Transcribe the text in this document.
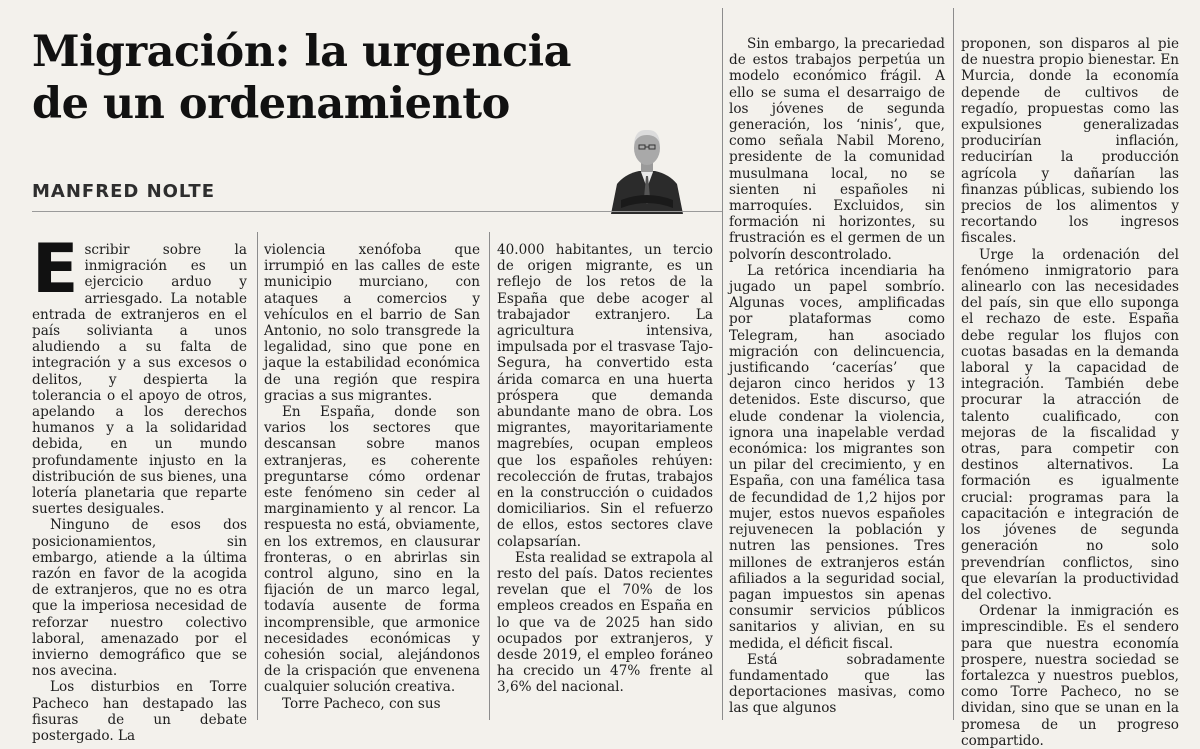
Migración: la urgencia
de un ordenamiento
MANFRED NOLTE
E scribir sobre la inmigración es un ejercicio arduo y arriesgado. La notable entrada de extranjeros en el país solivianta a unos aludiendo a su falta de integración y a sus excesos o delitos, y despierta la tolerancia o el apoyo de otros, apelando a los derechos humanos y a la solidaridad debida, en un mundo profundamente injusto en la distribución de sus bienes, una lotería planetaria que reparte suertes desiguales.

Ninguno de esos dos posicionamientos, sin embargo, atiende a la última razón en favor de la acogida de extranjeros, que no es otra que la imperiosa necesidad de reforzar nuestro colectivo laboral, amenazado por el invierno demográfico que se nos avecina.

Los disturbios en Torre Pacheco han destapado las fisuras de un debate postergado. La

violencia xenófoba que irrumpió en las calles de este municipio murciano, con ataques a comercios y vehículos en el barrio de San Antonio, no solo transgrede la legalidad, sino que pone en jaque la estabilidad económica de una región que respira gracias a sus migrantes.

En España, donde son varios los sectores que descansan sobre manos extranjeras, es coherente preguntarse cómo ordenar este fenómeno sin ceder al marginamiento y al rencor. La respuesta no está, obviamente, en los extremos, en clausurar fronteras, o en abrirlas sin control alguno, sino en la fijación de un marco legal, todavía ausente de forma incomprensible, que armonice necesidades económicas y cohesión social, alejándonos de la crispación que envenena cualquier solución creativa.

Torre Pacheco, con sus

40.000 habitantes, un tercio de origen migrante, es un reflejo de los retos de la España que debe acoger al trabajador extranjero. La agricultura intensiva, impulsada por el trasvase Tajo-Segura, ha convertido esta árida comarca en una huerta próspera que demanda abundante mano de obra. Los migrantes, mayoritariamente magrebíes, ocupan empleos que los españoles rehúyen: recolección de frutas, trabajos en la construcción o cuidados domiciliarios. Sin el refuerzo de ellos, estos sectores clave colapsarían.

Esta realidad se extrapola al resto del país. Datos recientes revelan que el 70% de los empleos creados en España en lo que va de 2025 han sido ocupados por extranjeros, y desde 2019, el empleo foráneo ha crecido un 47% frente al 3,6% del nacional.

Sin embargo, la precariedad de estos trabajos perpetúa un modelo económico frágil. A ello se suma el desarraigo de los jóvenes de segunda generación, los ‘ninis’, que, como señala Nabil Moreno, presidente de la comunidad musulmana local, no se sienten ni españoles ni marroquíes. Excluidos, sin formación ni horizontes, su frustración es el germen de un polvorín descontrolado.

La retórica incendiaria ha jugado un papel sombrío. Algunas voces, amplificadas por plataformas como Telegram, han asociado migración con delincuencia, justificando ‘cacerías’ que dejaron cinco heridos y 13 detenidos. Este discurso, que elude condenar la violencia, ignora una inapelable verdad económica: los migrantes son un pilar del crecimiento, y en España, con una famélica tasa de fecundidad de 1,2 hijos por mujer, estos nuevos españoles rejuvenecen la población y nutren las pensiones. Tres millones de extranjeros están afiliados a la seguridad social, pagan impuestos sin apenas consumir servicios públicos sanitarios y alivian, en su medida, el déficit fiscal.

Está sobradamente fundamentado que las deportaciones masivas, como las que algunos

proponen, son disparos al pie de nuestra propio bienestar. En Murcia, donde la economía depende de cultivos de regadío, propuestas como las expulsiones generalizadas producirían inflación, reducirían la producción agrícola y dañarían las finanzas públicas, subiendo los precios de los alimentos y recortando los ingresos fiscales.

Urge la ordenación del fenómeno inmigratorio para alinearlo con las necesidades del país, sin que ello suponga el rechazo de este. España debe regular los flujos con cuotas basadas en la demanda laboral y la capacidad de integración. También debe procurar la atracción de talento cualificado, con mejoras de la fiscalidad y otras, para competir con destinos alternativos. La formación es igualmente crucial: programas para la capacitación e integración de los jóvenes de segunda generación no solo prevendrían conflictos, sino que elevarían la productividad del colectivo.

Ordenar la inmigración es imprescindible. Es el sendero para que nuestra economía prospere, nuestra sociedad se fortalezca y nuestros pueblos, como Torre Pacheco, no se dividan, sino que se unan en la promesa de un progreso compartido.
